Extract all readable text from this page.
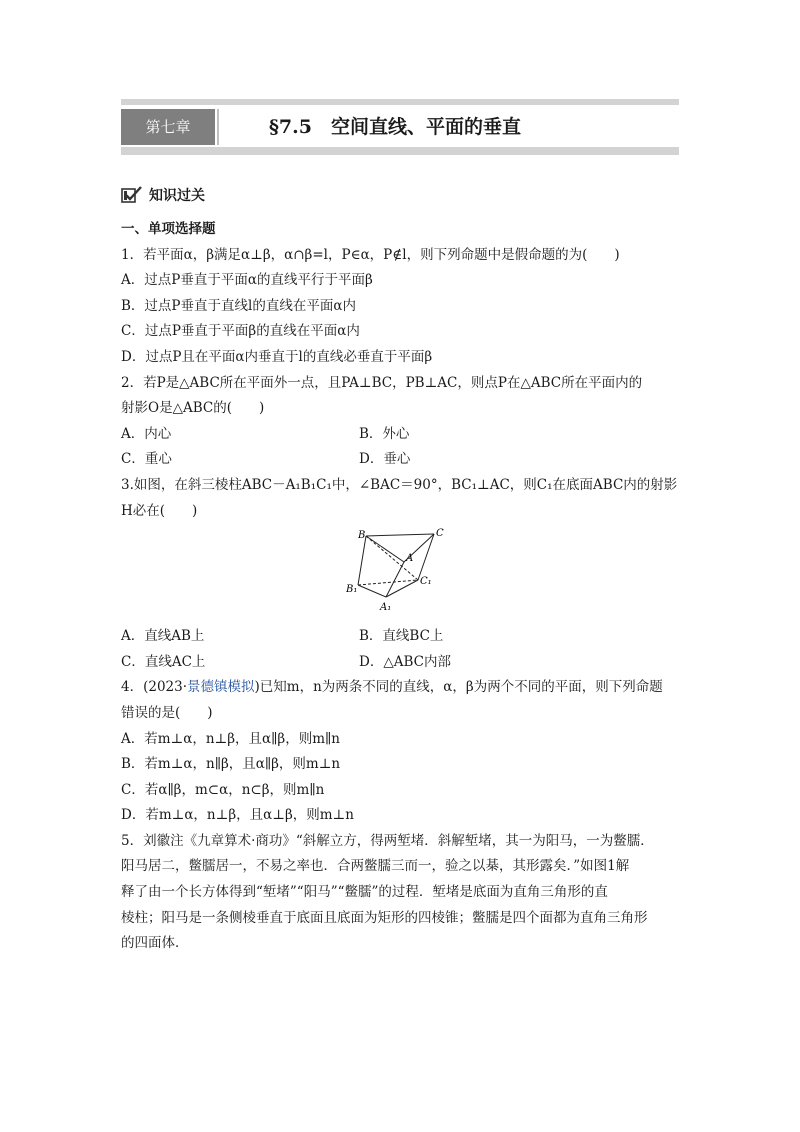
第七章	§7.5　空间直线、平面的垂直
知识过关
一、单项选择题
1．若平面α，β满足α⊥β，α∩β=l，P∈α，P∉l，则下列命题中是假命题的为(　　)
A．过点P垂直于平面α的直线平行于平面β
B．过点P垂直于直线l的直线在平面α内
C．过点P垂直于平面β的直线在平面α内
D．过点P且在平面α内垂直于l的直线必垂直于平面β
2．若P是△ABC所在平面外一点，且PA⊥BC，PB⊥AC，则点P在△ABC所在平面内的
射影O是△ABC的(　　)
A．内心	B．外心
C．重心	D．垂心
3.如图，在斜三棱柱ABC－A₁B₁C₁中，∠BAC＝90°，BC₁⊥AC，则C₁在底面ABC内的射影
H必在(　　)
B	C
A
B₁
C₁
A₁
A．直线AB上	B．直线BC上
C．直线AC上	D．△ABC内部
4．(2023·景德镇模拟)已知m，n为两条不同的直线，α，β为两个不同的平面，则下列命题
错误的是(　　)
A．若m⊥α，n⊥β，且α∥β，则m∥n
B．若m⊥α，n∥β，且α∥β，则m⊥n
C．若α∥β，m⊂α，n⊂β，则m∥n
D．若m⊥α，n⊥β，且α⊥β，则m⊥n
5．刘徽注《九章算术·商功》“斜解立方，得两堑堵．斜解堑堵，其一为阳马，一为鳖臑．
阳马居二，鳖臑居一，不易之率也．合两鳖臑三而一，验之以棊，其形露矣．”如图1解
释了由一个长方体得到“堑堵”“阳马”“鳖臑”的过程．堑堵是底面为直角三角形的直
棱柱；阳马是一条侧棱垂直于底面且底面为矩形的四棱锥；鳖臑是四个面都为直角三角形
的四面体．
